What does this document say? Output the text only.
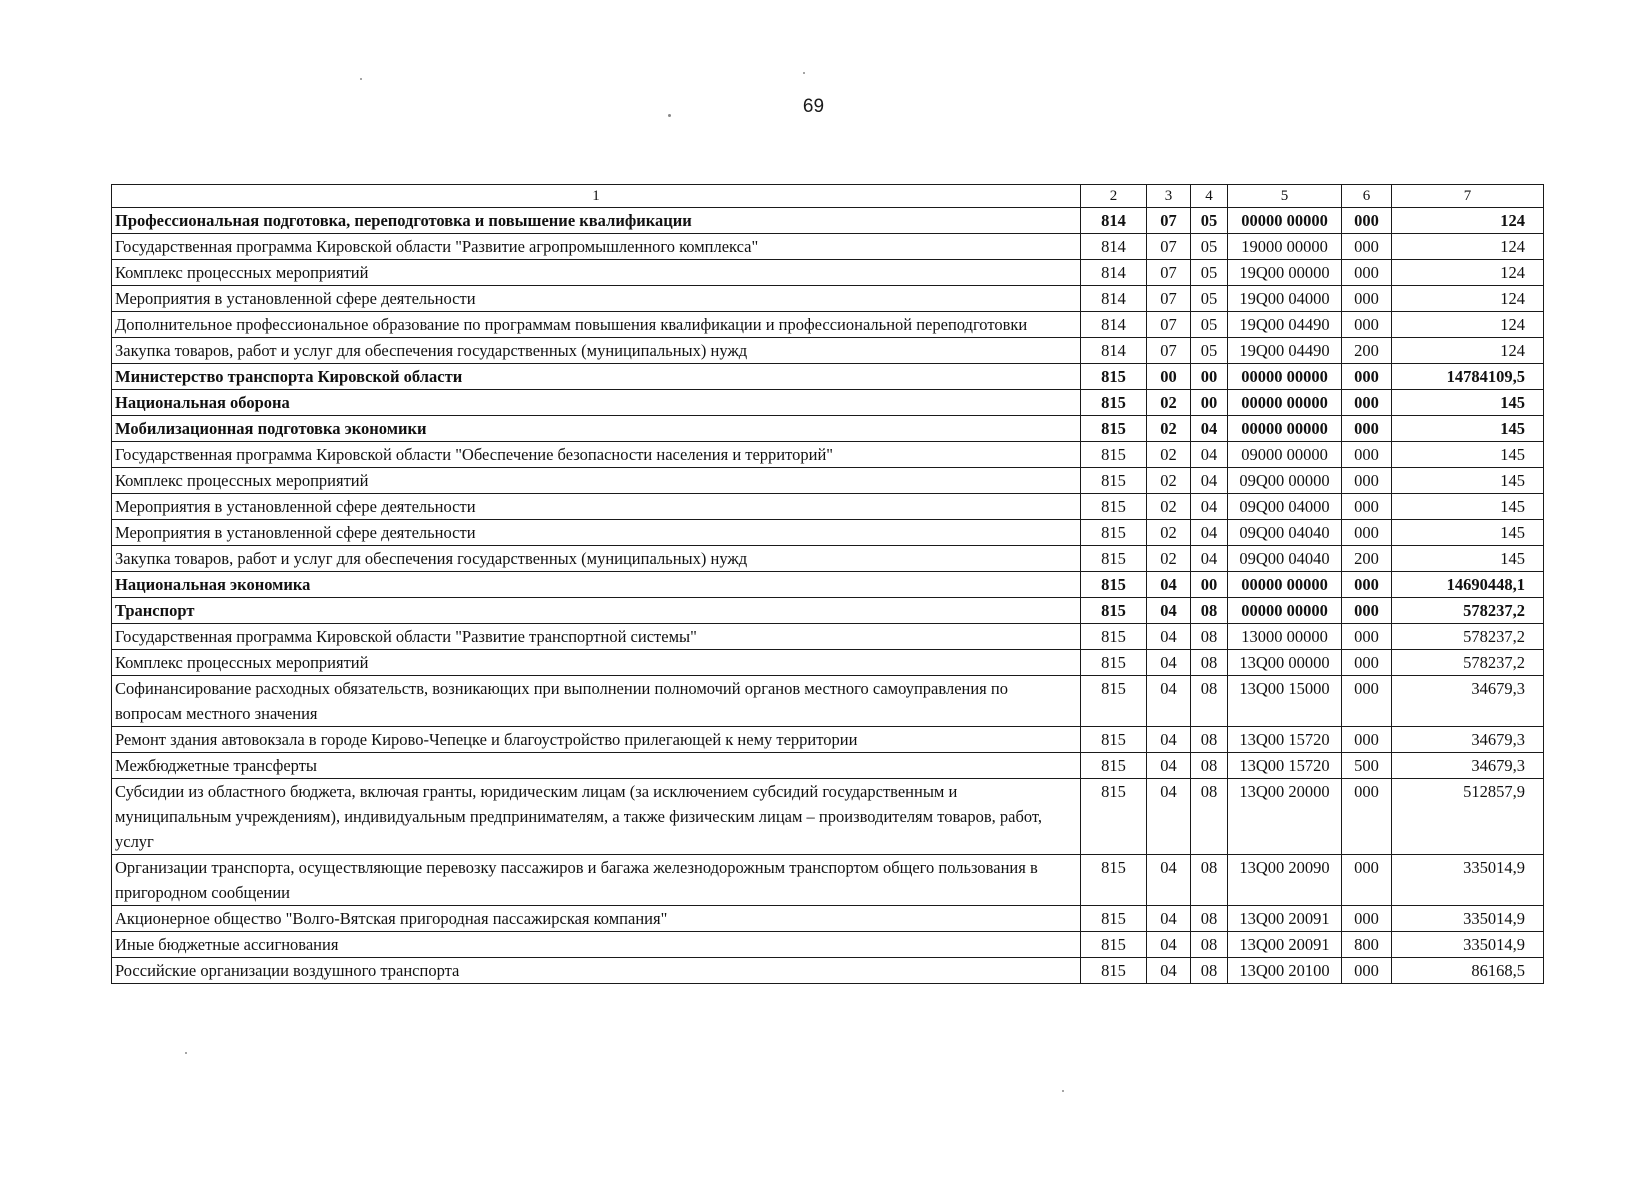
69
1	2	3	4	5	6	7
Профессиональная подготовка, переподготовка и повышение квалификации	814	07	05	00000 00000	000	124
Государственная программа Кировской области "Развитие агропромышленного комплекса"	814	07	05	19000 00000	000	124
Комплекс процессных мероприятий	814	07	05	19Q00 00000	000	124
Мероприятия в установленной сфере деятельности	814	07	05	19Q00 04000	000	124
Дополнительное профессиональное образование по программам повышения квалификации и профессиональной переподготовки	814	07	05	19Q00 04490	000	124
Закупка товаров, работ и услуг для обеспечения государственных (муниципальных) нужд	814	07	05	19Q00 04490	200	124
Министерство транспорта Кировской области	815	00	00	00000 00000	000	14784109,5
Национальная оборона	815	02	00	00000 00000	000	145
Мобилизационная подготовка экономики	815	02	04	00000 00000	000	145
Государственная программа Кировской области "Обеспечение безопасности населения и территорий"	815	02	04	09000 00000	000	145
Комплекс процессных мероприятий	815	02	04	09Q00 00000	000	145
Мероприятия в установленной сфере деятельности	815	02	04	09Q00 04000	000	145
Мероприятия в установленной сфере деятельности	815	02	04	09Q00 04040	000	145
Закупка товаров, работ и услуг для обеспечения государственных (муниципальных) нужд	815	02	04	09Q00 04040	200	145
Национальная экономика	815	04	00	00000 00000	000	14690448,1
Транспорт	815	04	08	00000 00000	000	578237,2
Государственная программа Кировской области "Развитие транспортной системы"	815	04	08	13000 00000	000	578237,2
Комплекс процессных мероприятий	815	04	08	13Q00 00000	000	578237,2
Софинансирование расходных обязательств, возникающих при выполнении полномочий органов местного самоуправления по вопросам местного значения	815	04	08	13Q00 15000	000	34679,3
Ремонт здания автовокзала в городе Кирово-Чепецке и благоустройство прилегающей к нему территории	815	04	08	13Q00 15720	000	34679,3
Межбюджетные трансферты	815	04	08	13Q00 15720	500	34679,3
Субсидии из областного бюджета, включая гранты, юридическим лицам (за исключением субсидий государственным и муниципальным учреждениям), индивидуальным предпринимателям, а также физическим лицам – производителям товаров, работ, услуг	815	04	08	13Q00 20000	000	512857,9
Организации транспорта, осуществляющие перевозку пассажиров и багажа железнодорожным транспортом общего пользования в пригородном сообщении	815	04	08	13Q00 20090	000	335014,9
Акционерное общество "Волго-Вятская пригородная пассажирская компания"	815	04	08	13Q00 20091	000	335014,9
Иные бюджетные ассигнования	815	04	08	13Q00 20091	800	335014,9
Российские организации воздушного транспорта	815	04	08	13Q00 20100	000	86168,5
